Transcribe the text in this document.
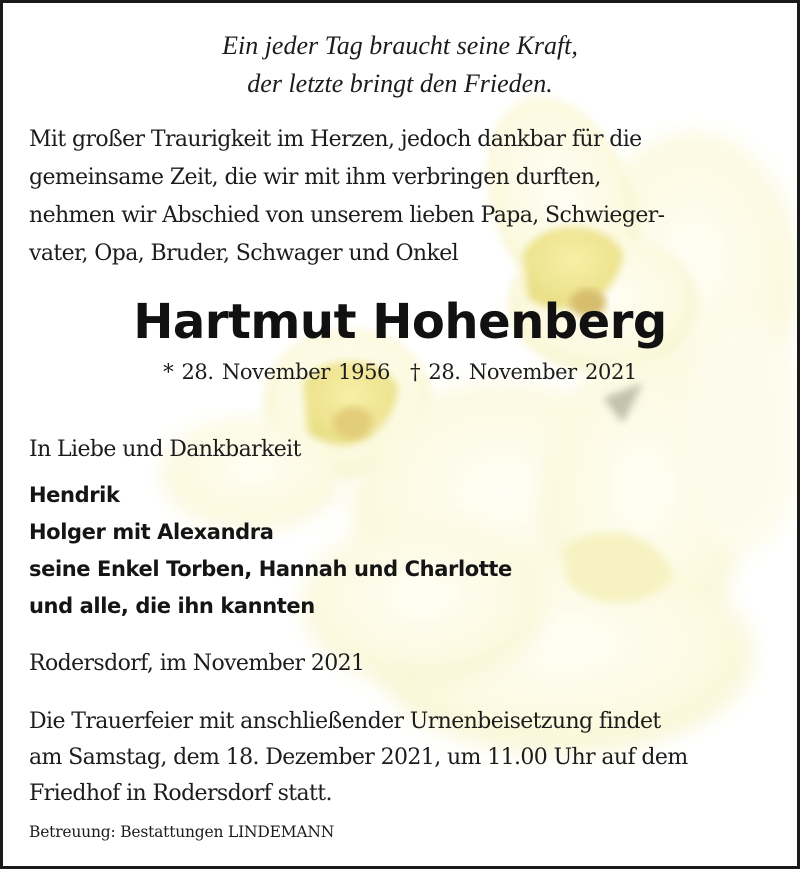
Ein jeder Tag braucht seine Kraft,
der letzte bringt den Frieden.
Mit großer Traurigkeit im Herzen, jedoch dankbar für die
gemeinsame Zeit, die wir mit ihm verbringen durften,
nehmen wir Abschied von unserem lieben Papa, Schwieger-
vater, Opa, Bruder, Schwager und Onkel
Hartmut Hohenberg
* 28. November 1956 † 28. November 2021

In Liebe und Dankbarkeit

Hendrik
Holger mit Alexandra
seine Enkel Torben, Hannah und Charlotte
und alle, die ihn kannten

Rodersdorf, im November 2021

Die Trauerfeier mit anschließender Urnenbeisetzung findet
am Samstag, dem 18. Dezember 2021, um 11.00 Uhr auf dem
Friedhof in Rodersdorf statt.

Betreuung: Bestattungen LINDEMANN
